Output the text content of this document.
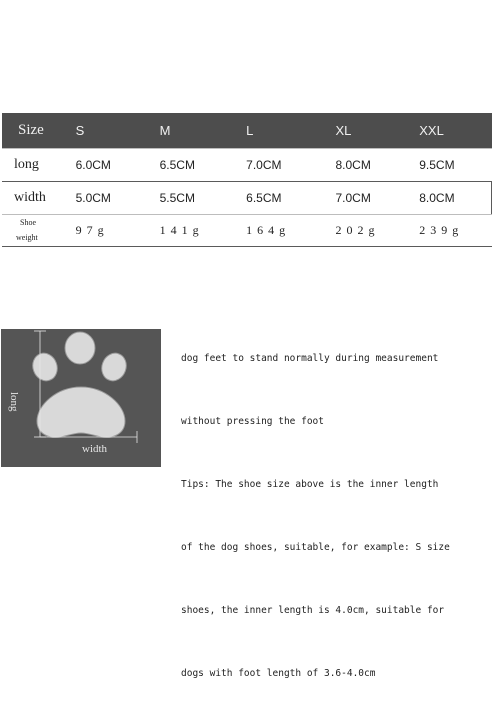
Size	S	M	L	XL	XXL
long	6.0CM	6.5CM	7.0CM	8.0CM	9.5CM
width	5.0CM	5.5CM	6.5CM	7.0CM	8.0CM

Shoe
weight	97g	141g	164g	202g	239g
long
width

dog feet to stand normally during measurement

without pressing the foot

Tips: The shoe size above is the inner length

of the dog shoes, suitable, for example: S size

shoes, the inner length is 4.0cm, suitable for

dogs with foot length of 3.6-4.0cm
